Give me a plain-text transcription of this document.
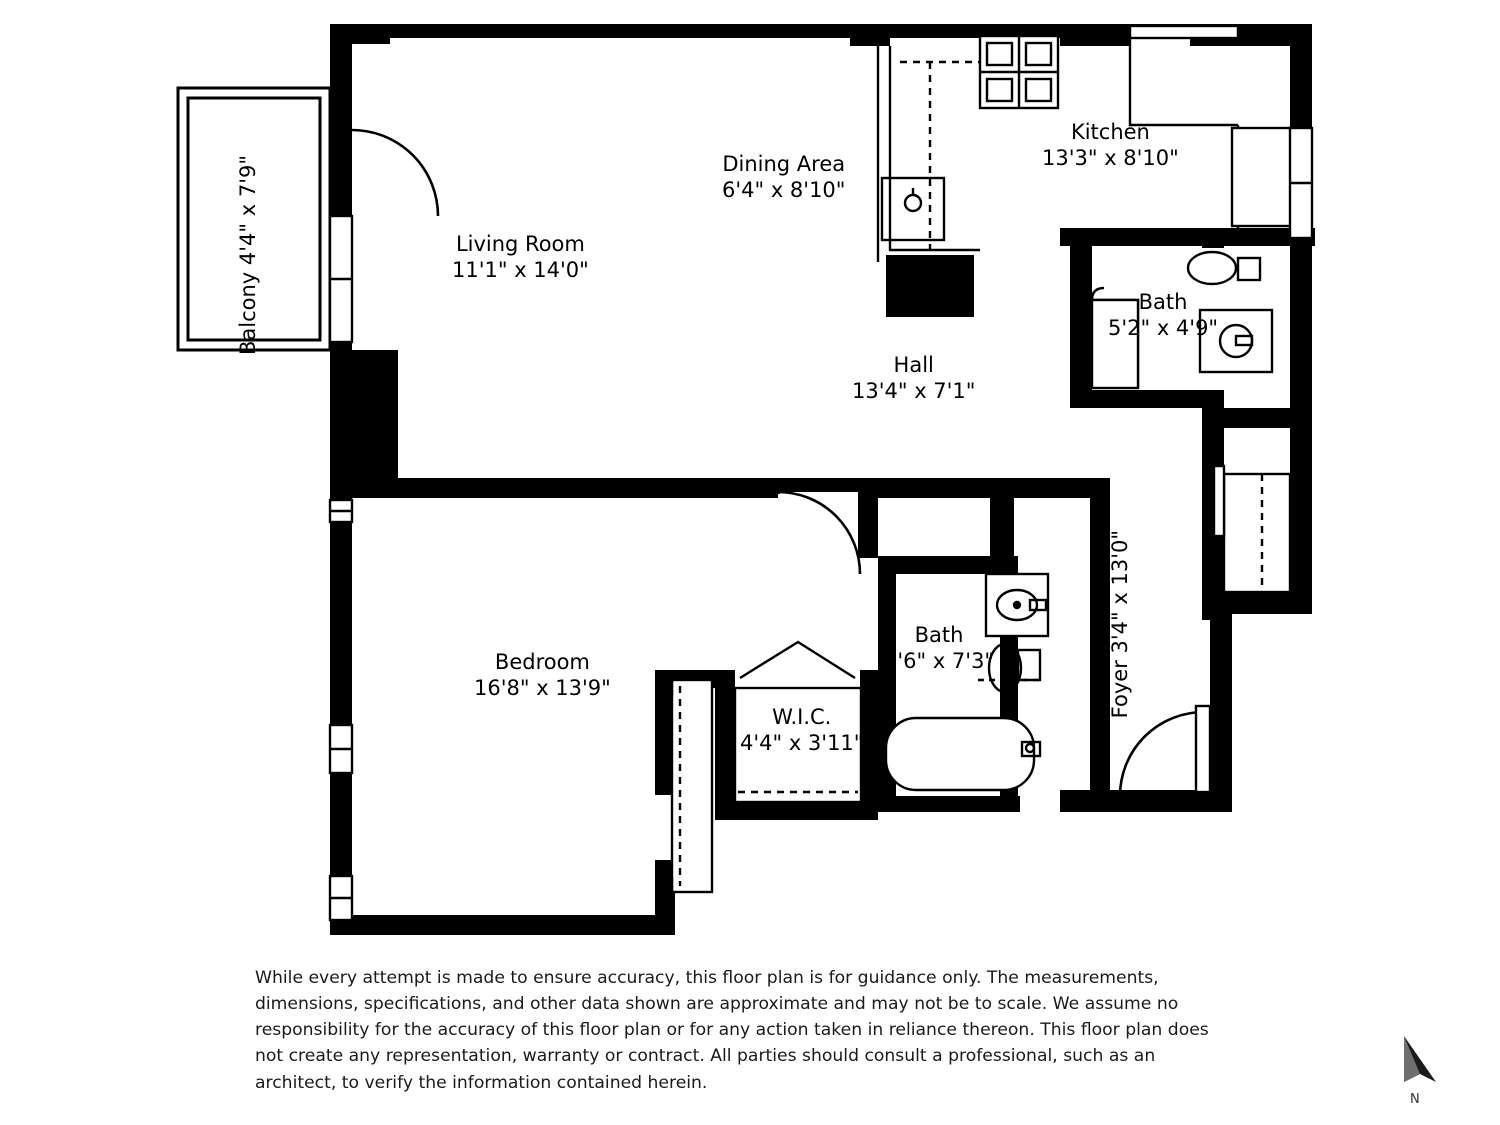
Balcony 4'4" x 7'9"	Living Room
11'1" x 14'0"
Dining Area
6'4" x 8'10"
Kitchen
13'3" x 8'10"
Bath
5'2" x 4'9"
Hall
13'4" x 7'1"
Foyer 3'4" x 13'0"
Bath
5'6" x 7'3"
Bedroom
16'8" x 13'9"
W.I.C.
4'4" x 3'11"
While every attempt is made to ensure accuracy, this floor plan is for guidance only. The measurements, dimensions, specifications, and other data shown are approximate and may not be to scale. We assume no responsibility for the accuracy of this floor plan or for any action taken in reliance thereon. This floor plan does not create any representation, warranty or contract. All parties should consult a professional, such as an architect, to verify the information contained herein.
N
